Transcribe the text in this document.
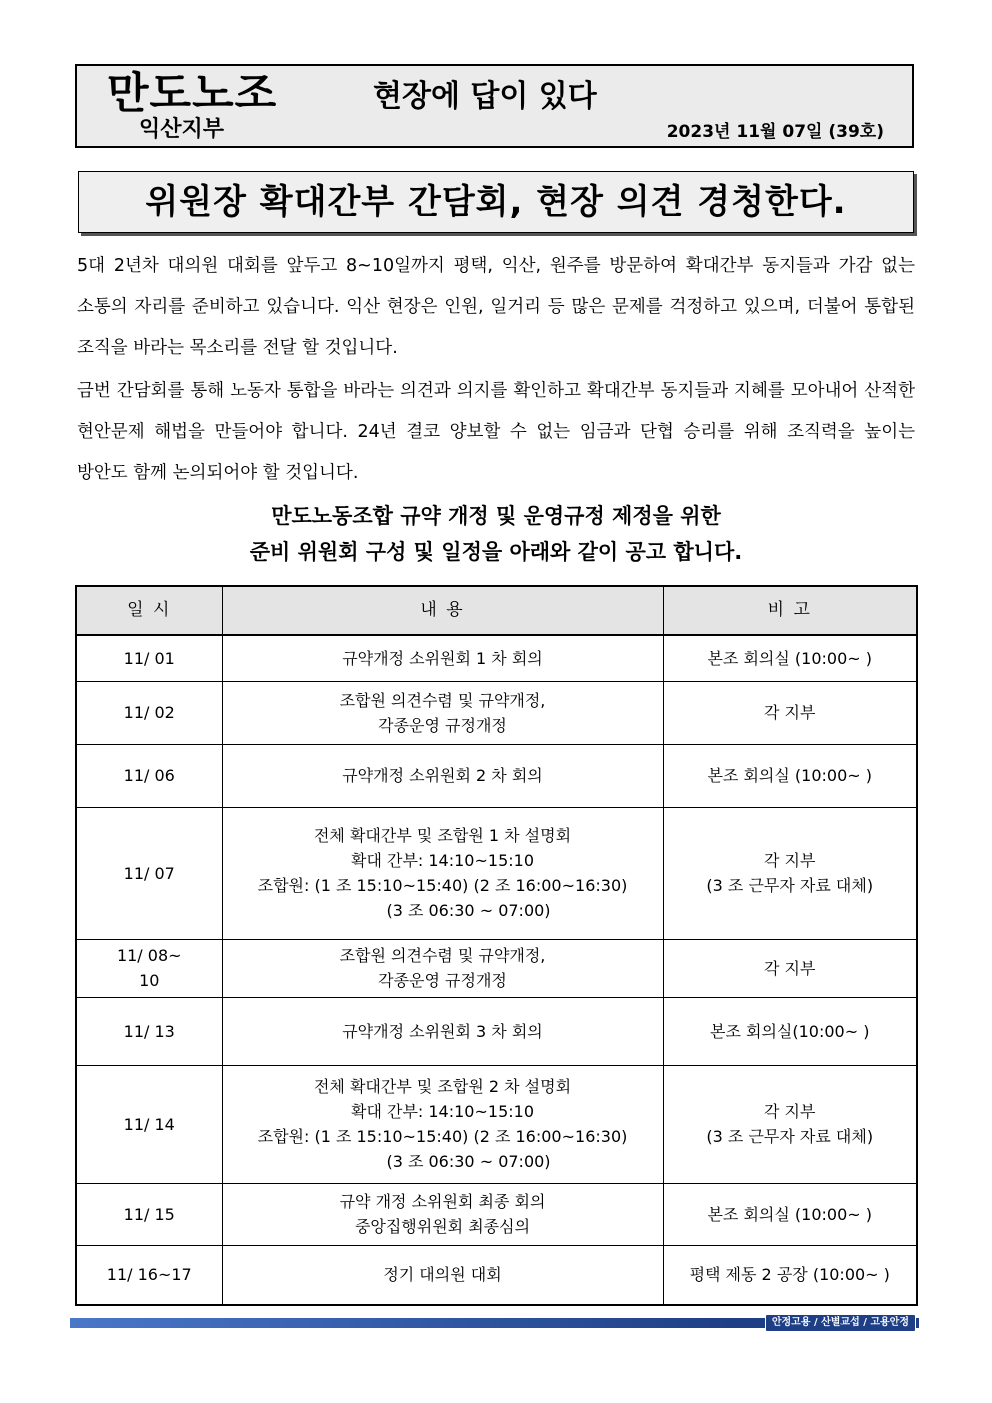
만도노조
익산지부
현장에 답이 있다
2023년 11월 07일 (39호)
위원장 확대간부 간담회, 현장 의견 경청한다.
5대 2년차 대의원 대회를 앞두고 8~10일까지 평택, 익산, 원주를 방문하여 확대간부 동지들과 가감 없는 소통의 자리를 준비하고 있습니다. 익산 현장은 인원, 일거리 등 많은 문제를 걱정하고 있으며, 더불어 통합된 조직을 바라는 목소리를 전달 할 것입니다.
금번 간담회를 통해 노동자 통합을 바라는 의견과 의지를 확인하고 확대간부 동지들과 지혜를 모아내어 산적한 현안문제 해법을 만들어야 합니다. 24년 결코 양보할 수 없는 임금과 단협 승리를 위해 조직력을 높이는 방안도 함께 논의되어야 할 것입니다.
만도노동조합 규약 개정 및 운영규정 제정을 위한
준비 위원회 구성 및 일정을 아래와 같이 공고 합니다.
일 시	내 용	비 고

11/ 01	규약개정 소위원회 1 차 회의	본조 회의실 (10:00~ )

11/ 02	조합원 의견수렴 및 규약개정,
각종운영 규정개정	각 지부

11/ 06	규약개정 소위원회 2 차 회의	본조 회의실 (10:00~ )

11/ 07	전체 확대간부 및 조합원 1 차 설명회
확대 간부: 14:10~15:10
조합원: (1 조 15:10~15:40) (2 조 16:00~16:30)
(3 조 06:30 ~ 07:00)	각 지부
(3 조 근무자 자료 대체)

11/ 08~
10	조합원 의견수렴 및 규약개정,
각종운영 규정개정	각 지부

11/ 13	규약개정 소위원회 3 차 회의	본조 회의실(10:00~ )

11/ 14	전체 확대간부 및 조합원 2 차 설명회
확대 간부: 14:10~15:10
조합원: (1 조 15:10~15:40) (2 조 16:00~16:30)
(3 조 06:30 ~ 07:00)	각 지부
(3 조 근무자 자료 대체)

11/ 15	규약 개정 소위원회 최종 회의
중앙집행위원회 최종심의	본조 회의실 (10:00~ )

11/ 16~17	정기 대의원 대회	평택 제동 2 공장 (10:00~ )
안정고용 / 산별교섭 / 고용안정
